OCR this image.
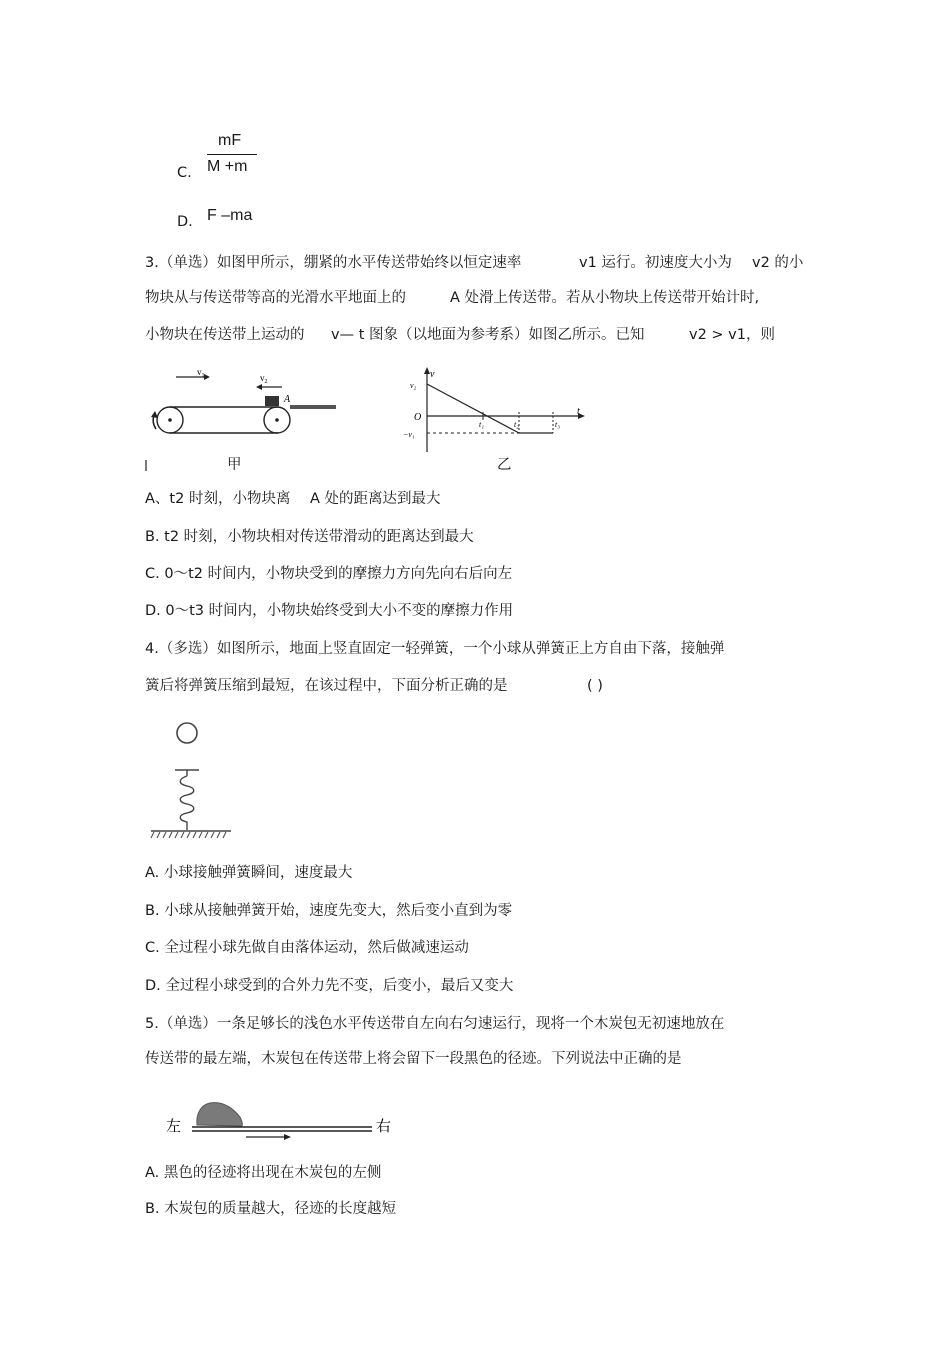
C.
mF
M +m
D. F –ma
3.（单选）如图甲所示，绷紧的水平传送带始终以恒定速率	v1 运行。初速度大小为 v2 的小
物块从与传送带等高的光滑水平地面上的	A 处滑上传送带。若从小物块上传送带开始计时,
小物块在传送带上运动的 v— t 图象（以地面为参考系）如图乙所示。已知	v2 > v1，则
$v_1$	$v_2$
A
甲
v
t
O
v₂
−v₁
t₁	t₂	t₃
乙
A、t2 时刻，小物块离 A 处的距离达到最大
B. t2 时刻，小物块相对传送带滑动的距离达到最大
C. 0～t2 时间内，小物块受到的摩擦力方向先向右后向左
D. 0～t3 时间内，小物块始终受到大小不变的摩擦力作用
4.（多选）如图所示，地面上竖直固定一轻弹簧，一个小球从弹簧正上方自由下落，接触弹
簧后将弹簧压缩到最短，在该过程中，下面分析正确的是	( )
A. 小球接触弹簧瞬间，速度最大
B. 小球从接触弹簧开始，速度先变大，然后变小直到为零
C. 全过程小球先做自由落体运动，然后做减速运动
D. 全过程小球受到的合外力先不变，后变小，最后又变大
5.（单选）一条足够长的浅色水平传送带自左向右匀速运行，现将一个木炭包无初速地放在
传送带的最左端，木炭包在传送带上将会留下一段黑色的径迹。下列说法中正确的是
左	右
A. 黑色的径迹将出现在木炭包的左侧
B. 木炭包的质量越大，径迹的长度越短
